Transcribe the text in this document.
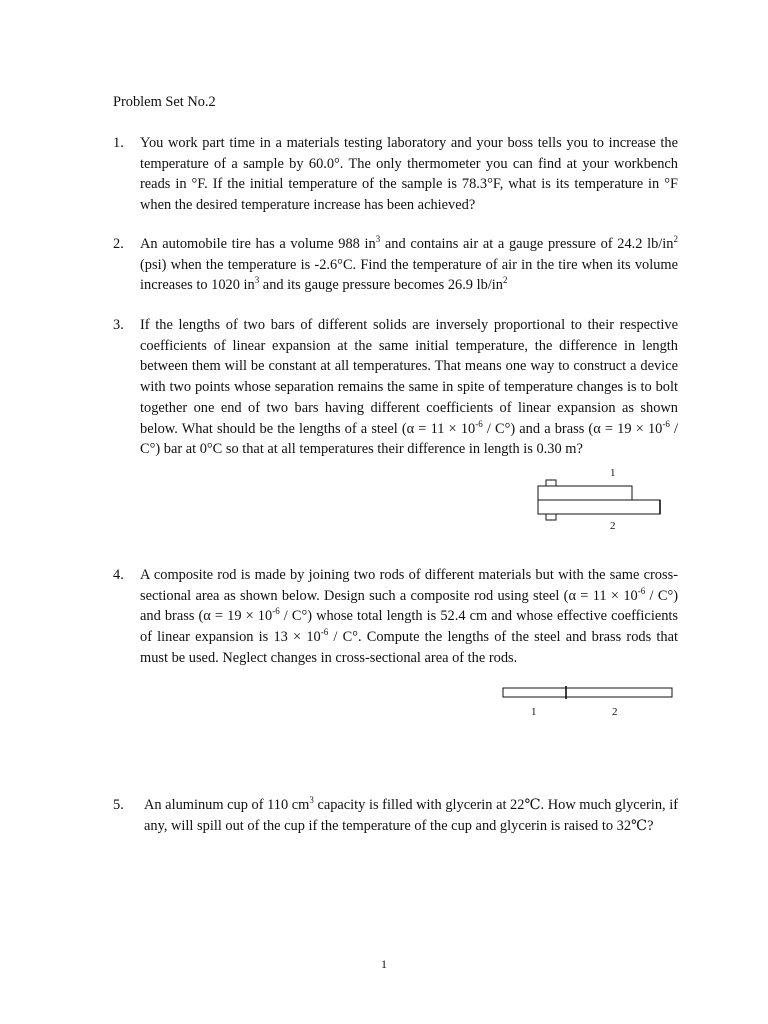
Problem Set No.2
1. You work part time in a materials testing laboratory and your boss tells you to increase the temperature of a sample by 60.0°. The only thermometer you can find at your workbench reads in °F. If the initial temperature of the sample is 78.3°F, what is its temperature in °F when the desired temperature increase has been achieved?
2. An automobile tire has a volume 988 $in^3$ and contains air at a gauge pressure of 24.2 $lb/in^2$ (psi) when the temperature is -2.6°C. Find the temperature of air in the tire when its volume increases to 1020 $in^3$ and its gauge pressure becomes 26.9 $lb/in^2$
3. If the lengths of two bars of different solids are inversely proportional to their respective coefficients of linear expansion at the same initial temperature, the difference in length between them will be constant at all temperatures. That means one way to construct a device with two points whose separation remains the same in spite of temperature changes is to bolt together one end of two bars having different coefficients of linear expansion as shown below. What should be the lengths of a steel $(\alpha = 11 \times 10^{-6} / C^\circ)$ and a brass $(\alpha = 19 \times 10^{-6} / C^\circ)$ bar at 0°C so that at all temperatures their difference in length is 0.30 m?
1
2
4. A composite rod is made by joining two rods of different materials but with the same cross-sectional area as shown below. Design such a composite rod using steel $(\alpha = 11 \times 10^{-6} / C^\circ)$ and brass $(\alpha = 19 \times 10^{-6} / C^\circ)$ whose total length is 52.4 cm and whose effective coefficients of linear expansion is $13 \times 10^{-6} / C^\circ$. Compute the lengths of the steel and brass rods that must be used. Neglect changes in cross-sectional area of the rods.
1	2
5. An aluminum cup of 110 $cm^3$ capacity is filled with glycerin at 22℃. How much glycerin, if any, will spill out of the cup if the temperature of the cup and glycerin is raised to 32℃?
1
